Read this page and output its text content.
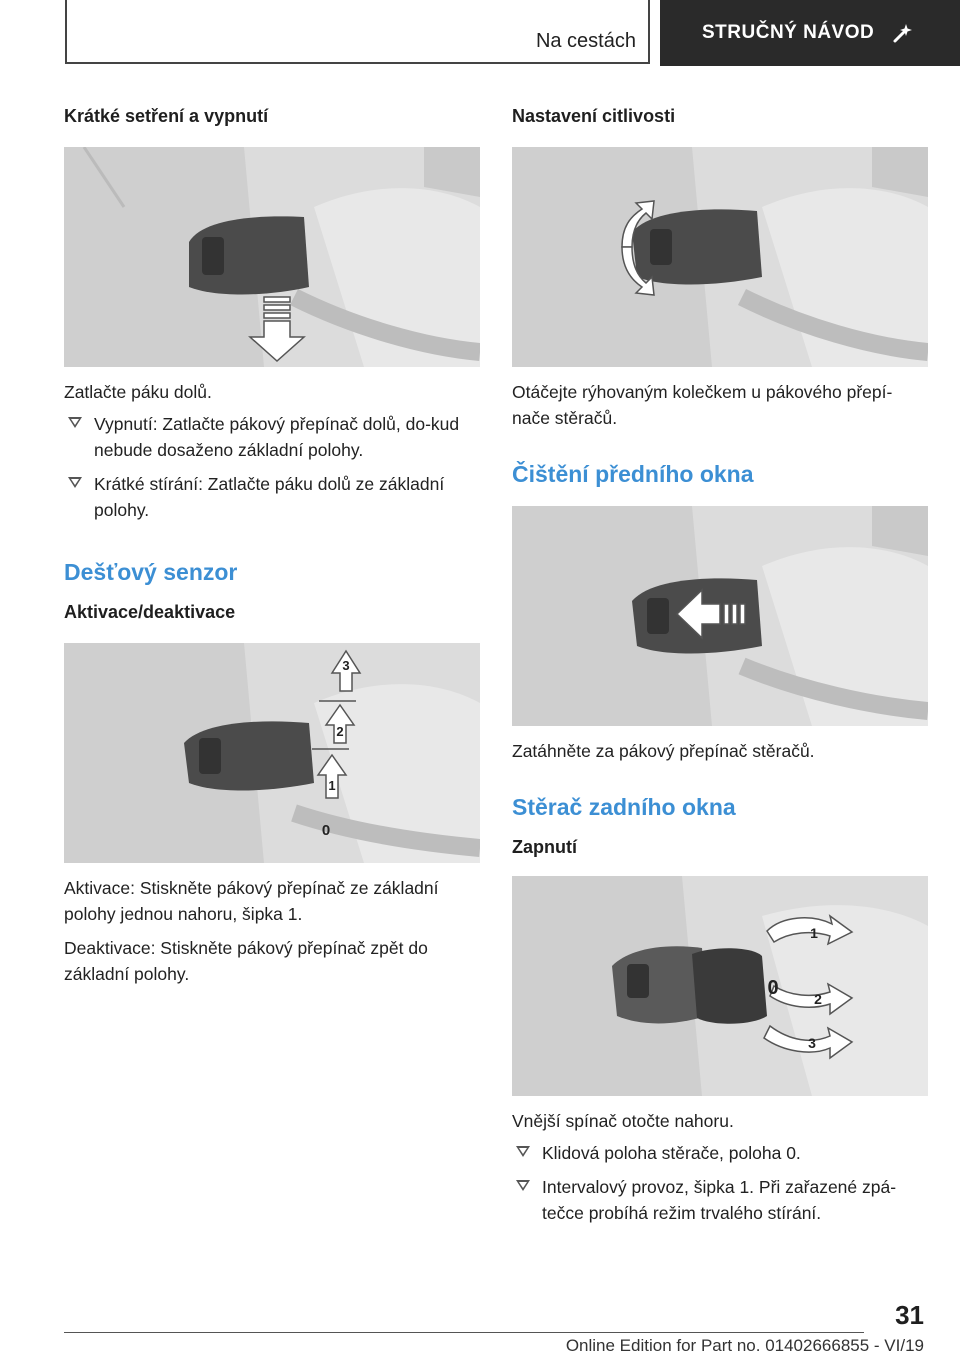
Na cestách	STRUČNÝ NÁVOD
Krátké setření a vypnutí

Zatlačte páku dolů.

Vypnutí: Zatlačte pákový přepínač dolů, do-kud nebude dosaženo základní polohy.
Krátké stírání: Zatlačte páku dolů ze základní polohy.
Dešťový senzor
Aktivace/deaktivace
3
2
1
0

Aktivace: Stiskněte pákový přepínač ze základní polohy jednou nahoru, šipka 1.

Deaktivace: Stiskněte pákový přepínač zpět do základní polohy.

Nastavení citlivosti

Otáčejte rýhovaným kolečkem u pákového přepí-nače stěračů.

Čištění předního okna

Zatáhněte za pákový přepínač stěračů.

Stěrač zadního okna
Zapnutí
1
0	2
3

Vnější spínač otočte nahoru.

Klidová poloha stěrače, poloha 0.
Intervalový provoz, šipka 1. Při zařazené zpá-tečce probíhá režim trvalého stírání.
31
Online Edition for Part no. 01402666855 - VI/19
